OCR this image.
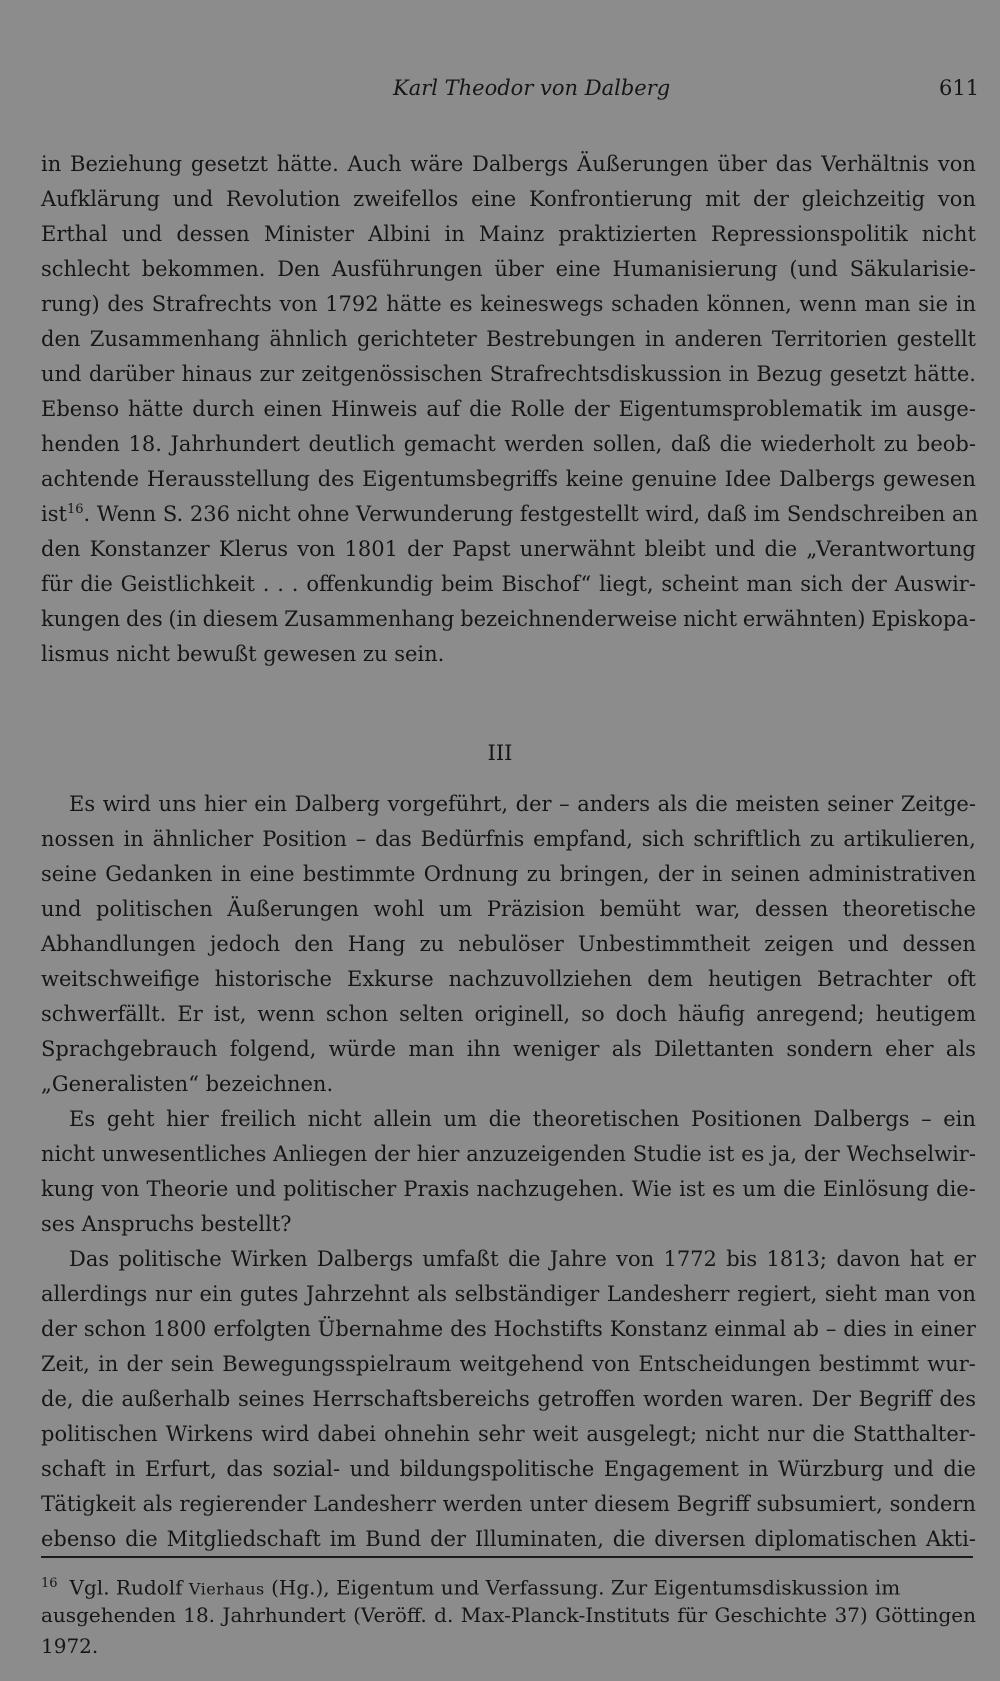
Karl Theodor von Dalberg	611
in Beziehung gesetzt hätte. Auch wäre Dalbergs Äußerungen über das Verhältnis von
Aufklärung und Revolution zweifellos eine Konfrontierung mit der gleichzeitig von
Erthal und dessen Minister Albini in Mainz praktizierten Repressionspolitik nicht
schlecht bekommen. Den Ausführungen über eine Humanisierung (und Säkularisie-
rung) des Strafrechts von 1792 hätte es keineswegs schaden können, wenn man sie in
den Zusammenhang ähnlich gerichteter Bestrebungen in anderen Territorien gestellt
und darüber hinaus zur zeitgenössischen Strafrechtsdiskussion in Bezug gesetzt hätte.
Ebenso hätte durch einen Hinweis auf die Rolle der Eigentumsproblematik im ausge-
henden 18. Jahrhundert deutlich gemacht werden sollen, daß die wiederholt zu beob-
achtende Herausstellung des Eigentumsbegriffs keine genuine Idee Dalbergs gewesen
ist$^{16}$. Wenn S. 236 nicht ohne Verwunderung festgestellt wird, daß im Sendschreiben an
den Konstanzer Klerus von 1801 der Papst unerwähnt bleibt und die „Verantwortung
für die Geistlichkeit . . . offenkundig beim Bischof“ liegt, scheint man sich der Auswir-
kungen des (in diesem Zusammenhang bezeichnenderweise nicht erwähnten) Episkopa-
lismus nicht bewußt gewesen zu sein.
III
Es wird uns hier ein Dalberg vorgeführt, der – anders als die meisten seiner Zeitge-
nossen in ähnlicher Position – das Bedürfnis empfand, sich schriftlich zu artikulieren,
seine Gedanken in eine bestimmte Ordnung zu bringen, der in seinen administrativen
und politischen Äußerungen wohl um Präzision bemüht war, dessen theoretische
Abhandlungen jedoch den Hang zu nebulöser Unbestimmtheit zeigen und dessen
weitschweifige historische Exkurse nachzuvollziehen dem heutigen Betrachter oft
schwerfällt. Er ist, wenn schon selten originell, so doch häufig anregend; heutigem
Sprachgebrauch folgend, würde man ihn weniger als Dilettanten sondern eher als
„Generalisten“ bezeichnen.
Es geht hier freilich nicht allein um die theoretischen Positionen Dalbergs – ein
nicht unwesentliches Anliegen der hier anzuzeigenden Studie ist es ja, der Wechselwir-
kung von Theorie und politischer Praxis nachzugehen. Wie ist es um die Einlösung die-
ses Anspruchs bestellt?
Das politische Wirken Dalbergs umfaßt die Jahre von 1772 bis 1813; davon hat er
allerdings nur ein gutes Jahrzehnt als selbständiger Landesherr regiert, sieht man von
der schon 1800 erfolgten Übernahme des Hochstifts Konstanz einmal ab – dies in einer
Zeit, in der sein Bewegungsspielraum weitgehend von Entscheidungen bestimmt wur-
de, die außerhalb seines Herrschaftsbereichs getroffen worden waren. Der Begriff des
politischen Wirkens wird dabei ohnehin sehr weit ausgelegt; nicht nur die Statthalter-
schaft in Erfurt, das sozial- und bildungspolitische Engagement in Würzburg und die
Tätigkeit als regierender Landesherr werden unter diesem Begriff subsumiert, sondern
ebenso die Mitgliedschaft im Bund der Illuminaten, die diversen diplomatischen Akti-
$^{16}$ Vgl. Rudolf Vierhaus (Hg.), Eigentum und Verfassung. Zur Eigentumsdiskussion im
ausgehenden 18. Jahrhundert (Veröff. d. Max-Planck-Instituts für Geschichte 37) Göttingen
1972.
